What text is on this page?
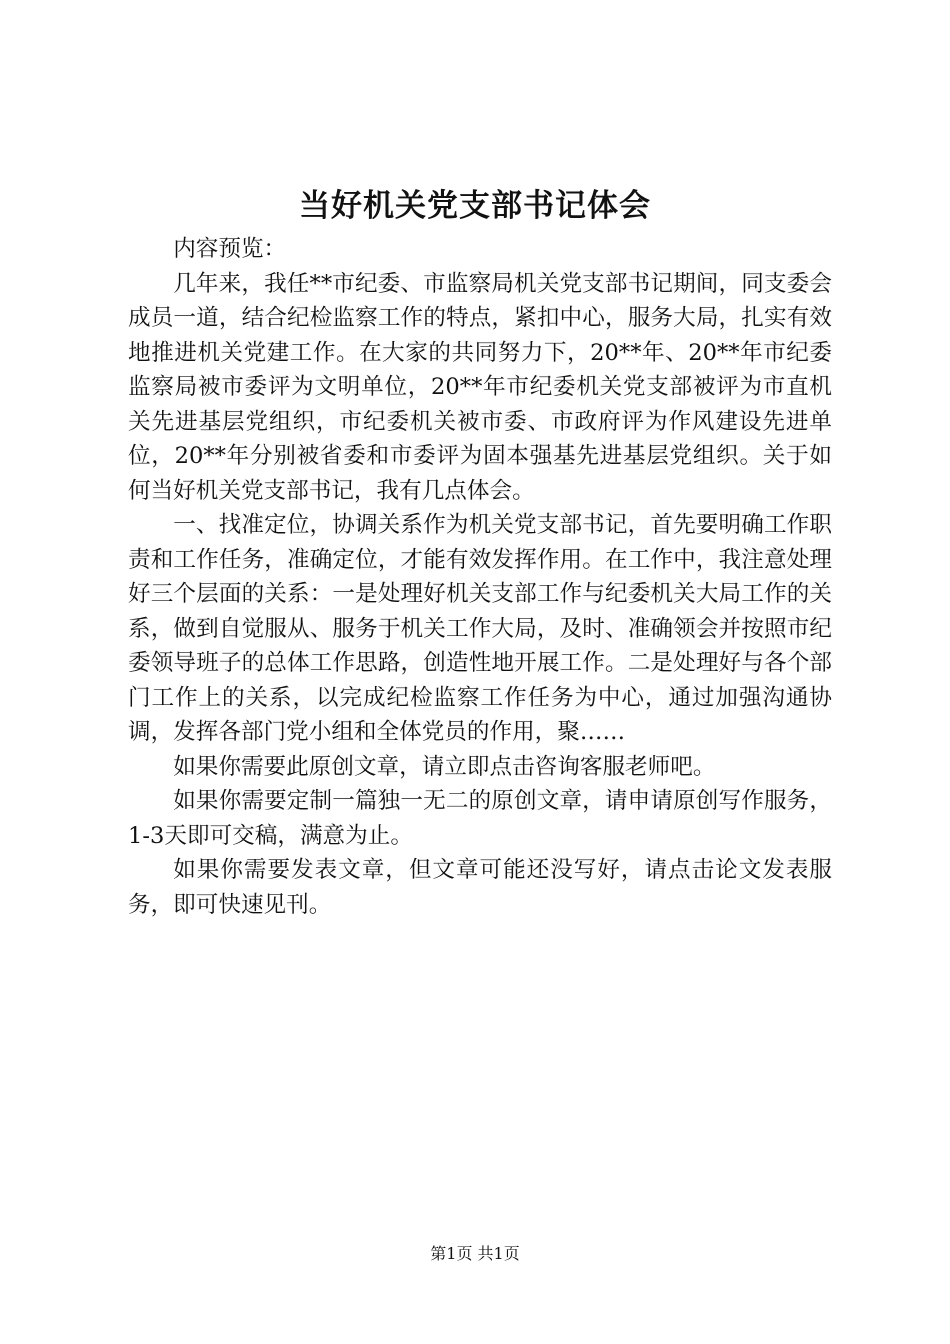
当好机关党支部书记体会

内容预览：

几年来，我任**市纪委、市监察局机关党支部书记期间，同支委会成员一道，结合纪检监察工作的特点，紧扣中心，服务大局，扎实有效地推进机关党建工作。在大家的共同努力下，20**年、20**年市纪委监察局被市委评为文明单位，20**年市纪委机关党支部被评为市直机关先进基层党组织，市纪委机关被市委、市政府评为作风建设先进单位，20**年分别被省委和市委评为固本强基先进基层党组织。关于如何当好机关党支部书记，我有几点体会。

一、找准定位，协调关系作为机关党支部书记，首先要明确工作职责和工作任务，准确定位，才能有效发挥作用。在工作中，我注意处理好三个层面的关系：一是处理好机关支部工作与纪委机关大局工作的关系，做到自觉服从、服务于机关工作大局，及时、准确领会并按照市纪委领导班子的总体工作思路，创造性地开展工作。二是处理好与各个部门工作上的关系，以完成纪检监察工作任务为中心，通过加强沟通协调，发挥各部门党小组和全体党员的作用，聚……

如果你需要此原创文章，请立即点击咨询客服老师吧。

如果你需要定制一篇独一无二的原创文章，请申请原创写作服务，1-3天即可交稿，满意为止。

如果你需要发表文章，但文章可能还没写好，请点击论文发表服务，即可快速见刊。

第1页 共1页
